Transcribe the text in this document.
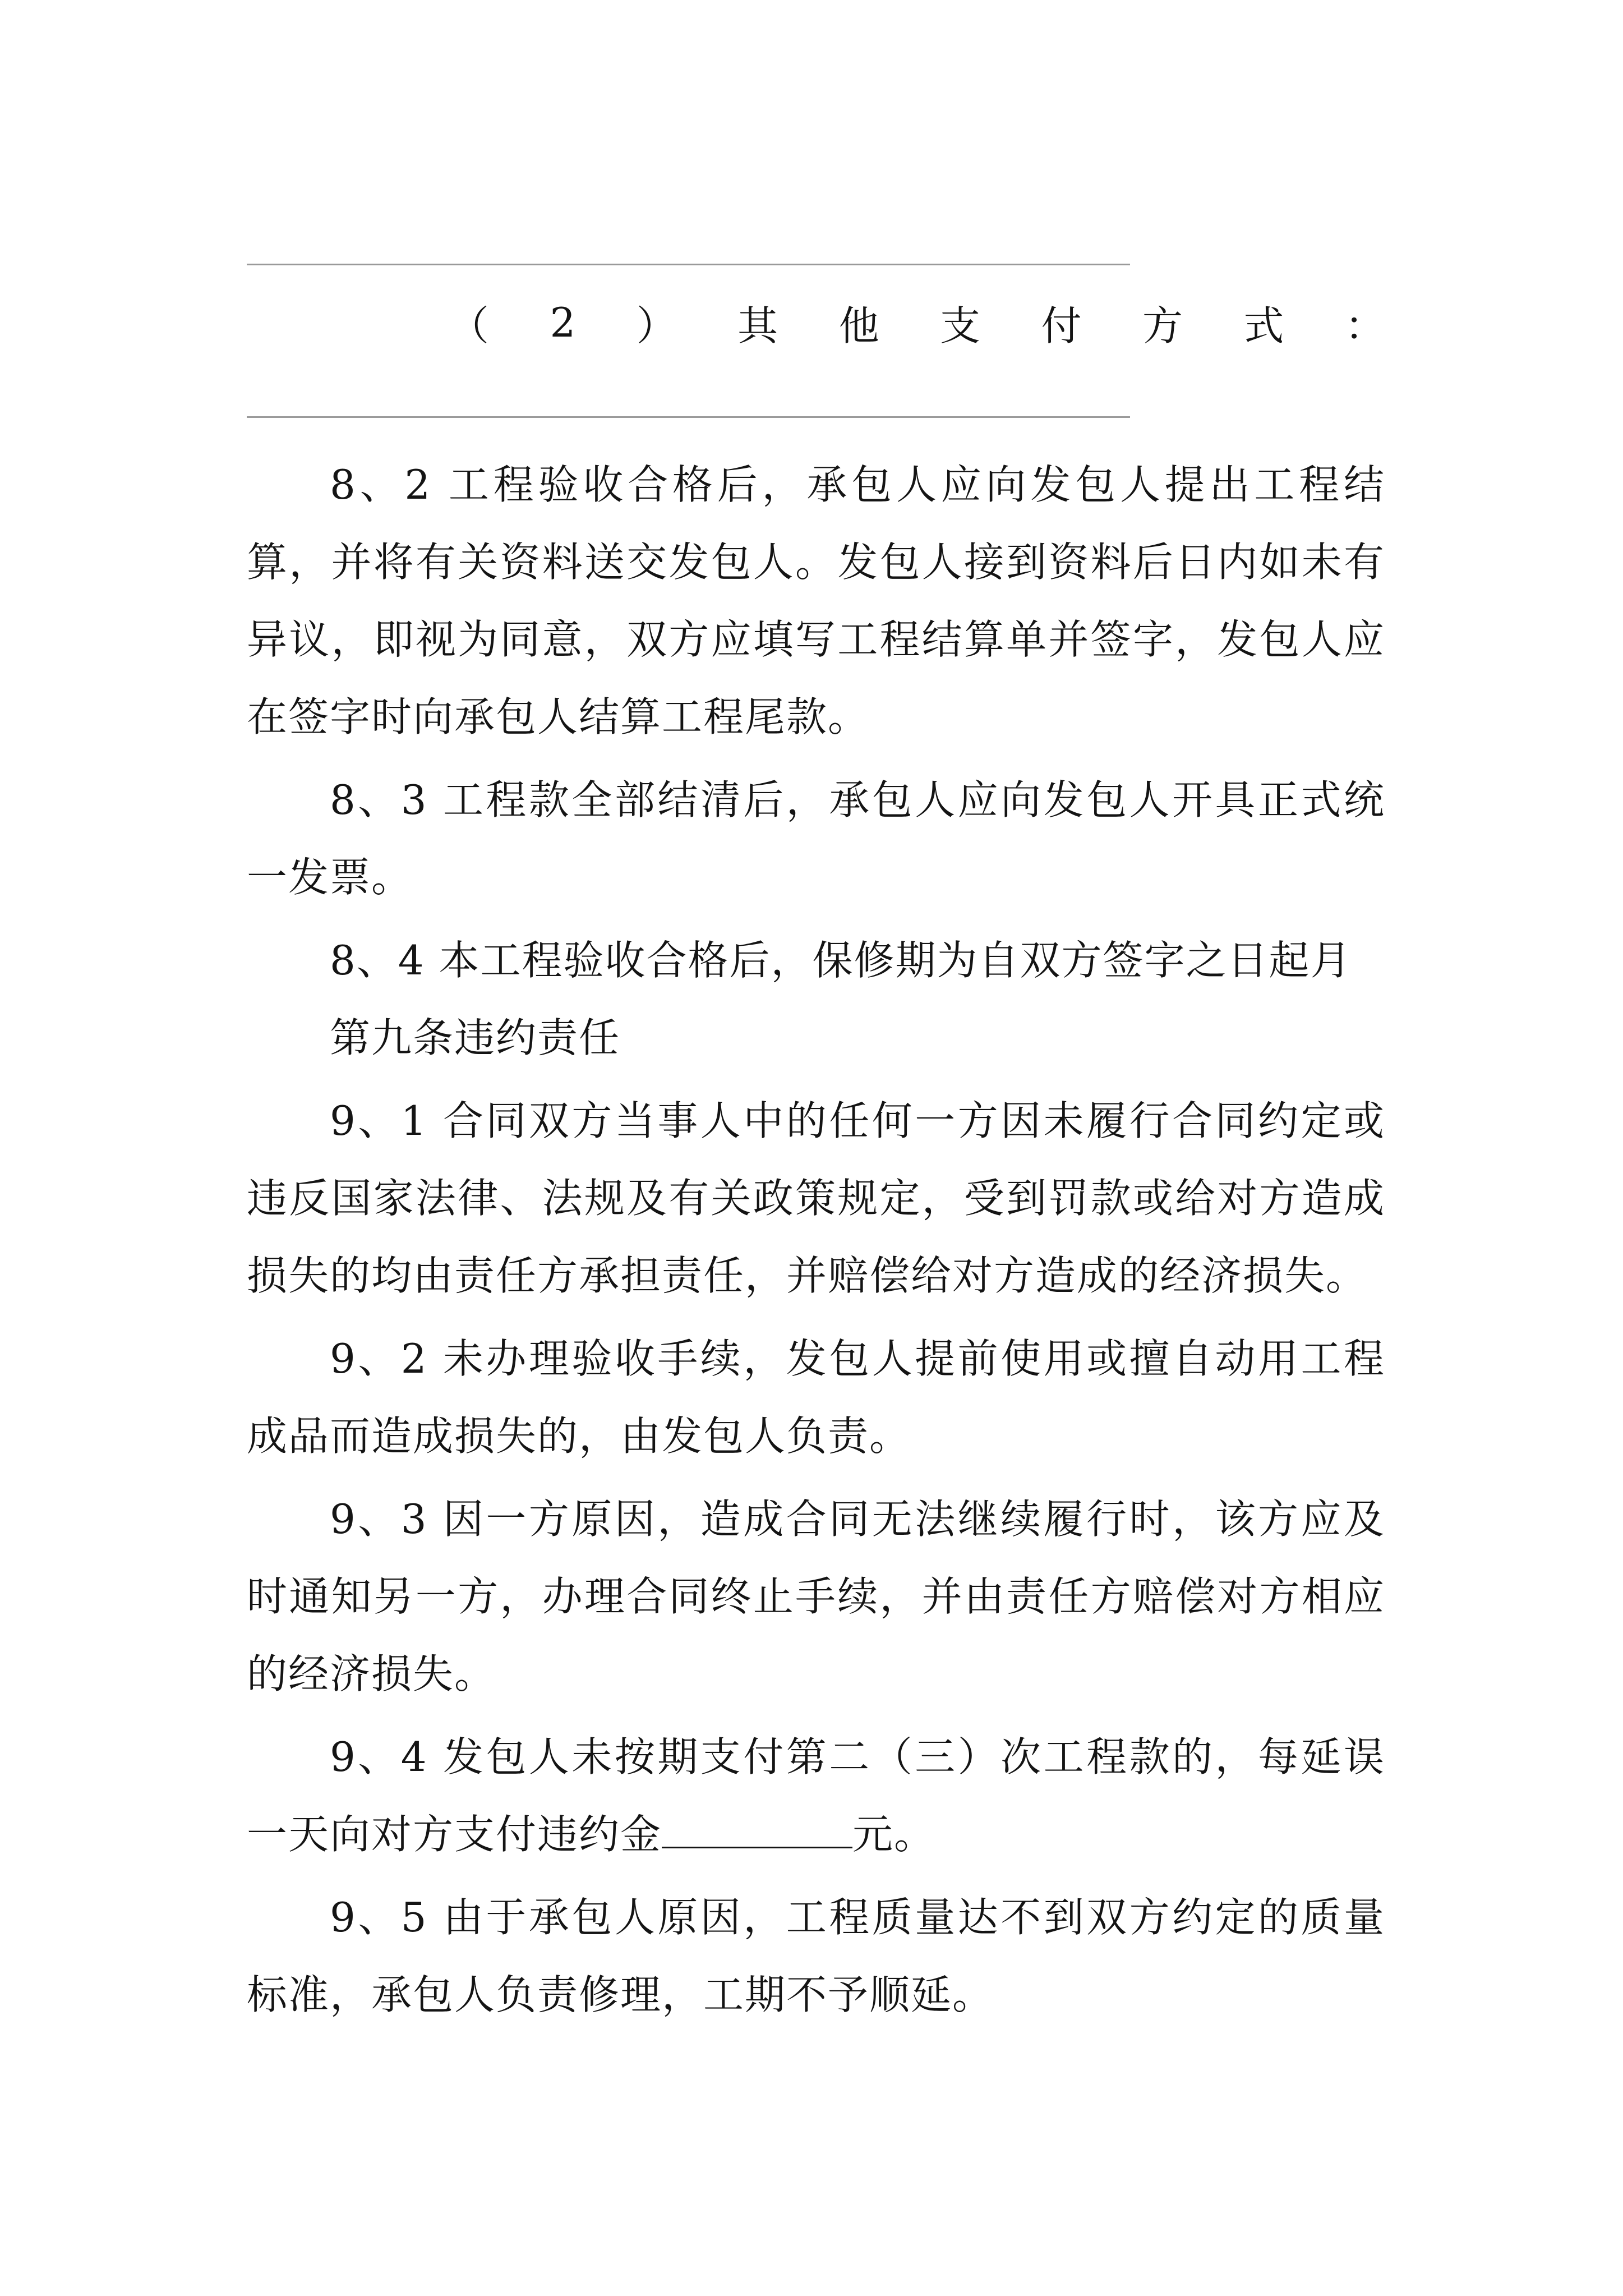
（ 2 ） 其 他 支 付 方 式 ：

8、2 工程验收合格后，承包人应向发包人提出工程结算，并将有关资料送交发包人。发包人接到资料后日内如未有异议，即视为同意，双方应填写工程结算单并签字，发包人应在签字时向承包人结算工程尾款。

8、3 工程款全部结清后，承包人应向发包人开具正式统一发票。

8、4 本工程验收合格后，保修期为自双方签字之日起月

第九条违约责任

9、1 合同双方当事人中的任何一方因未履行合同约定或违反国家法律、法规及有关政策规定，受到罚款或给对方造成损失的均由责任方承担责任，并赔偿给对方造成的经济损失。

9、2 未办理验收手续，发包人提前使用或擅自动用工程成品而造成损失的，由发包人负责。

9、3 因一方原因，造成合同无法继续履行时，该方应及时通知另一方，办理合同终止手续，并由责任方赔偿对方相应的经济损失。

9、4 发包人未按期支付第二（三）次工程款的，每延误一天向对方支付违约金	元。

9、5 由于承包人原因，工程质量达不到双方约定的质量标准，承包人负责修理，工期不予顺延。
